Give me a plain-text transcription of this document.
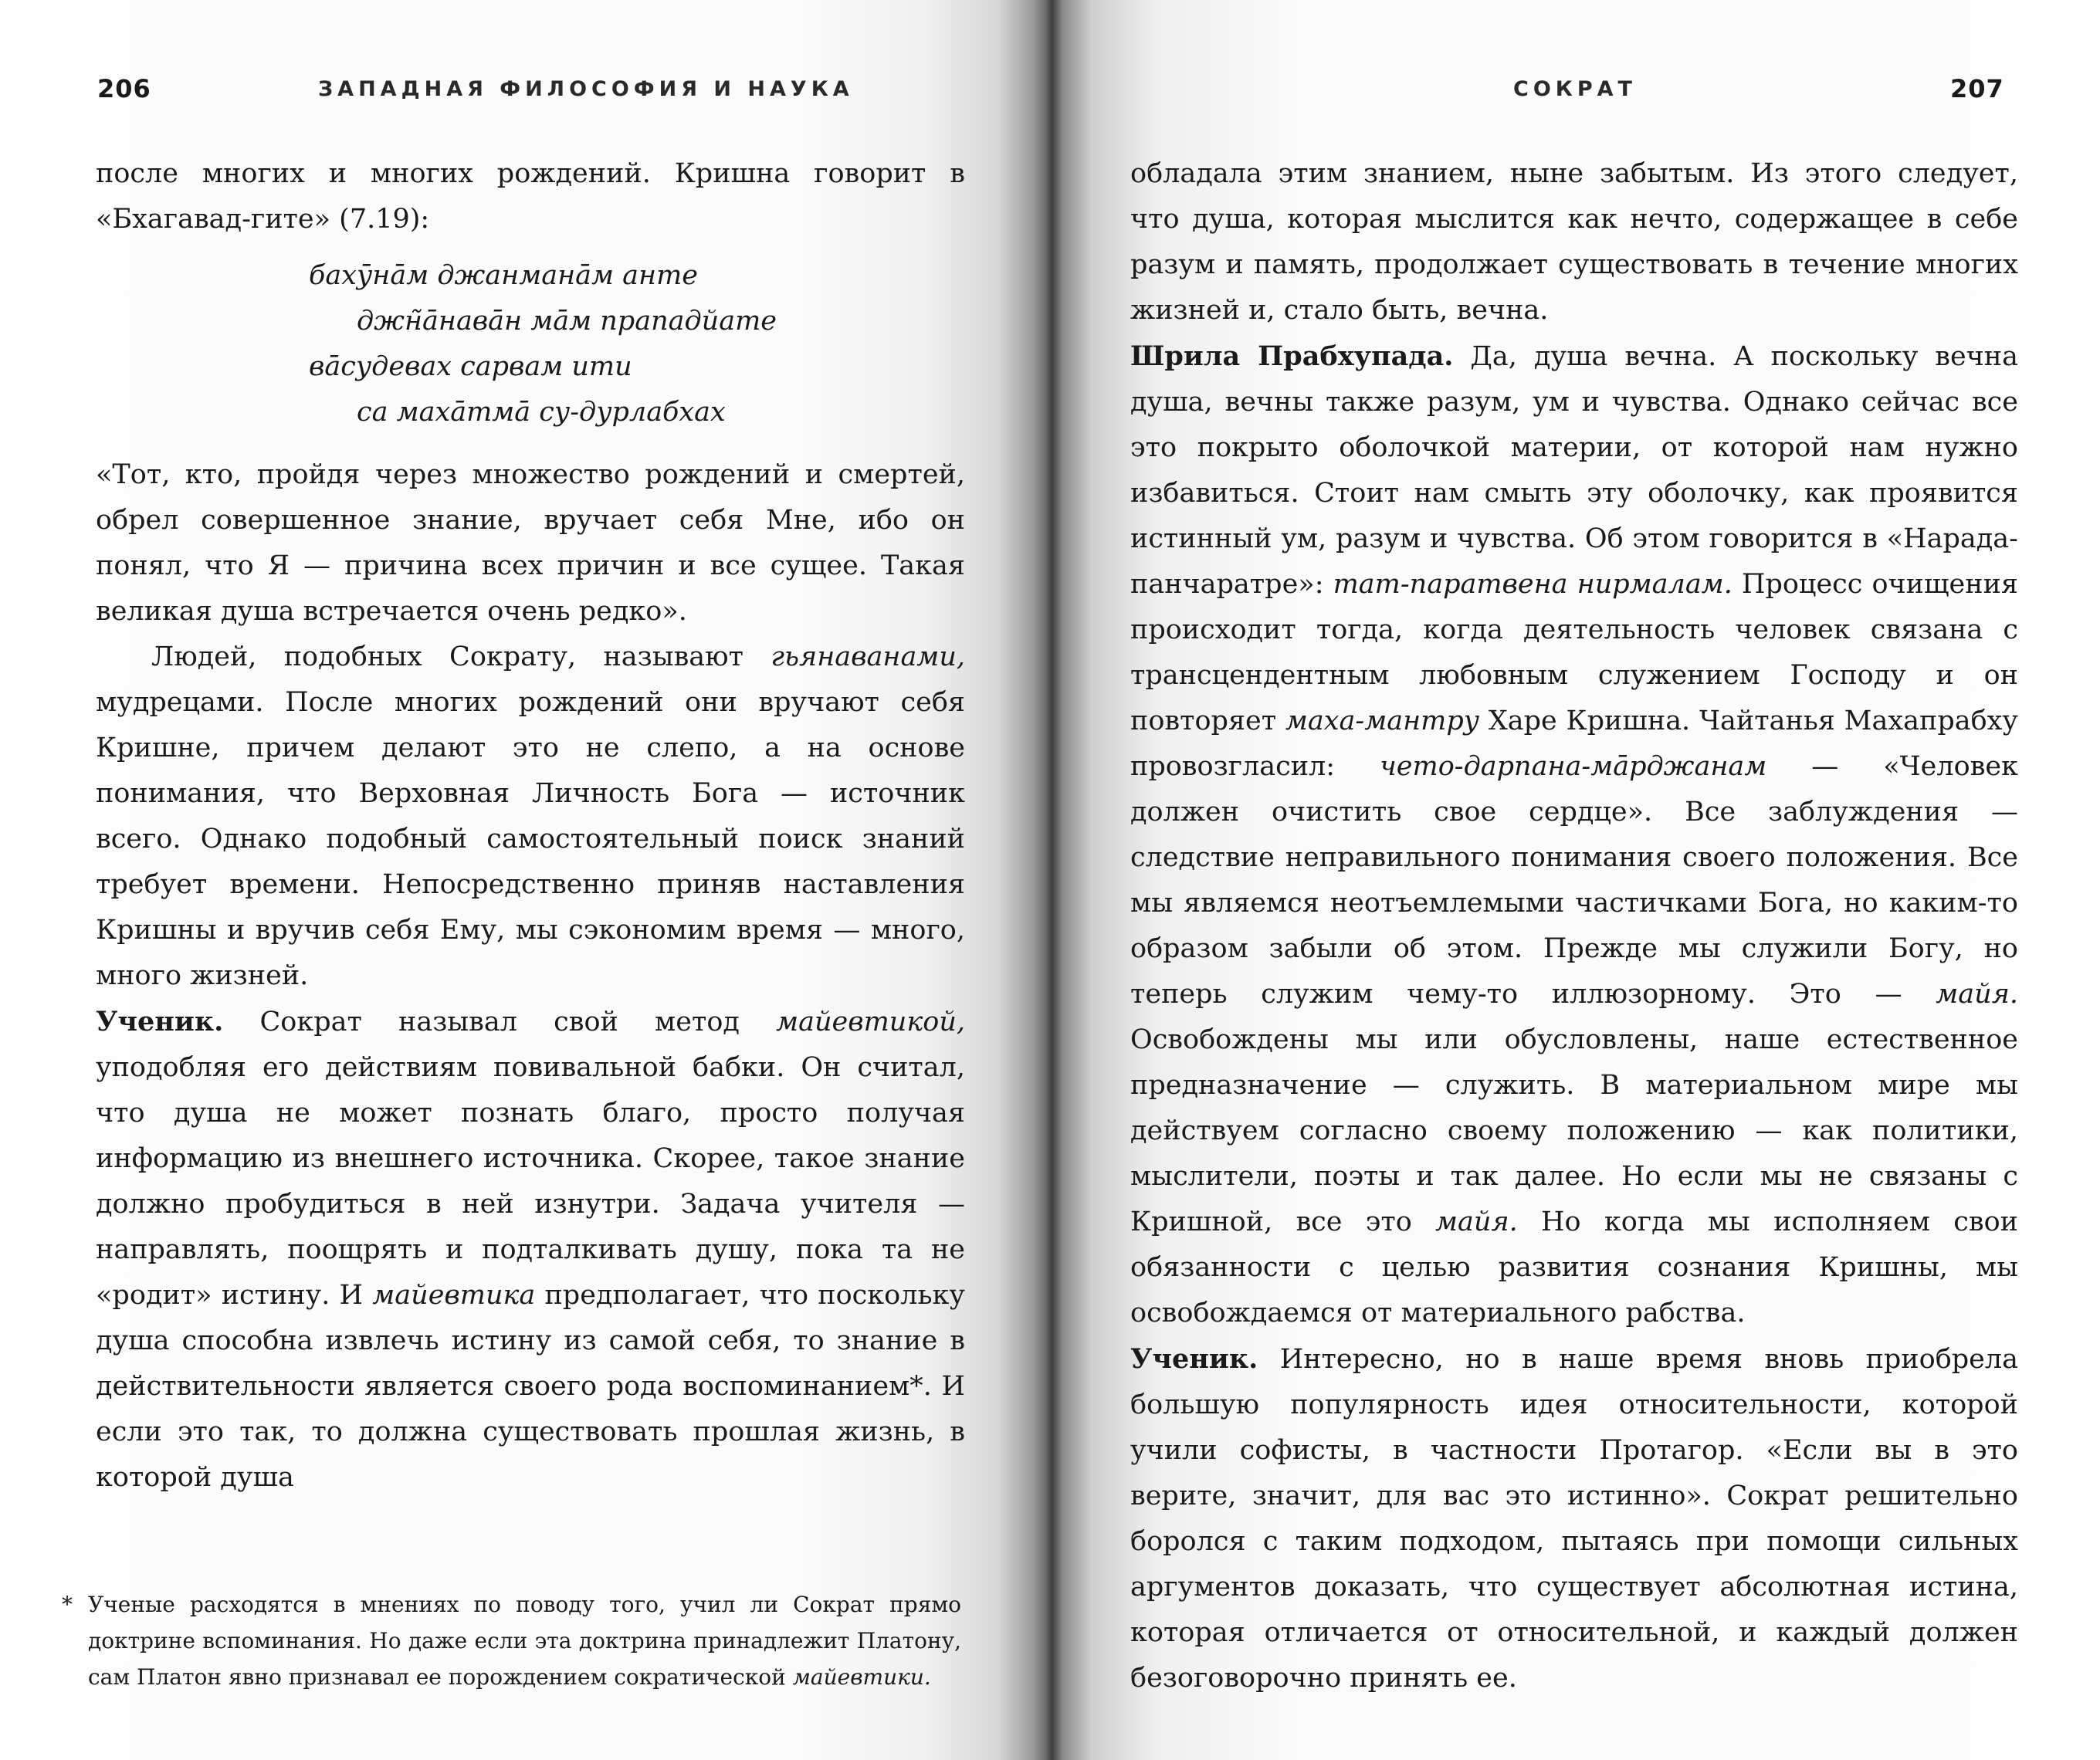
206	ЗАПАДНАЯ ФИЛОСОФИЯ И НАУКА

после многих и многих рождений. Кришна говорит в «Бхагавад-гите» (7.19):

бахӯна̄м джанмана̄м анте
джн̃а̄нава̄н ма̄м прападйате
ва̄судевах сарвам ити
са маха̄тма̄ су-дурлабхах

«Тот, кто, пройдя через множество рождений и смертей, обрел совершенное знание, вручает себя Мне, ибо он понял, что Я — причина всех причин и все сущее. Такая великая душа встречается очень редко».

Людей, подобных Сократу, называют гьянаванами, мудрецами. После многих рождений они вручают себя Кришне, причем делают это не слепо, а на основе понимания, что Верховная Личность Бога — источник всего. Однако подобный самостоятельный поиск знаний требует времени. Непосредственно приняв наставления Кришны и вручив себя Ему, мы сэкономим время — много, много жизней.

Ученик. Сократ называл свой метод майевтикой, уподобляя его действиям повивальной бабки. Он считал, что душа не может познать благо, просто получая информацию из внешнего источника. Скорее, такое знание должно пробудиться в ней изнутри. Задача учителя — направлять, поощрять и подталкивать душу, пока та не «родит» истину. И майевтика предполагает, что поскольку душа способна извлечь истину из самой себя, то знание в действительности является своего рода воспоминанием*. И если это так, то должна существовать прошлая жизнь, в которой душа

* Ученые расходятся в мнениях по поводу того, учил ли Сократ прямо доктрине вспоминания. Но даже если эта доктрина принадлежит Платону, сам Платон явно признавал ее порождением сократической майевтики.
СОКРАТ	207

обладала этим знанием, ныне забытым. Из этого следует, что душа, которая мыслится как нечто, содержащее в себе разум и память, продолжает существовать в течение многих жизней и, стало быть, вечна.

Шрила Прабхупада. Да, душа вечна. А поскольку вечна душа, вечны также разум, ум и чувства. Однако сейчас все это покрыто оболочкой материи, от которой нам нужно избавиться. Стоит нам смыть эту оболочку, как проявится истинный ум, разум и чувства. Об этом говорится в «Нарада-панчаратре»: тат-паратвена нирмалам. Процесс очищения происходит тогда, когда деятельность человек связана с трансцендентным любовным служением Господу и он повторяет маха-мантру Харе Кришна. Чайтанья Махапрабху провозгласил: чето-дарпана-ма̄рджанам — «Человек должен очистить свое сердце». Все заблуждения — следствие неправильного понимания своего положения. Все мы являемся неотъемлемыми частичками Бога, но каким-то образом забыли об этом. Прежде мы служили Богу, но теперь служим чему-то иллюзорному. Это — майя. Освобождены мы или обусловлены, наше естественное предназначение — служить. В материальном мире мы действуем согласно своему положению — как политики, мыслители, поэты и так далее. Но если мы не связаны с Кришной, все это майя. Но когда мы исполняем свои обязанности с целью развития сознания Кришны, мы освобождаемся от материального рабства.

Ученик. Интересно, но в наше время вновь приобрела большую популярность идея относительности, которой учили софисты, в частности Протагор. «Если вы в это верите, значит, для вас это истинно». Сократ решительно боролся с таким подходом, пытаясь при помощи сильных аргументов доказать, что существует абсолютная истина, которая отличается от относительной, и каждый должен безоговорочно принять ее.
